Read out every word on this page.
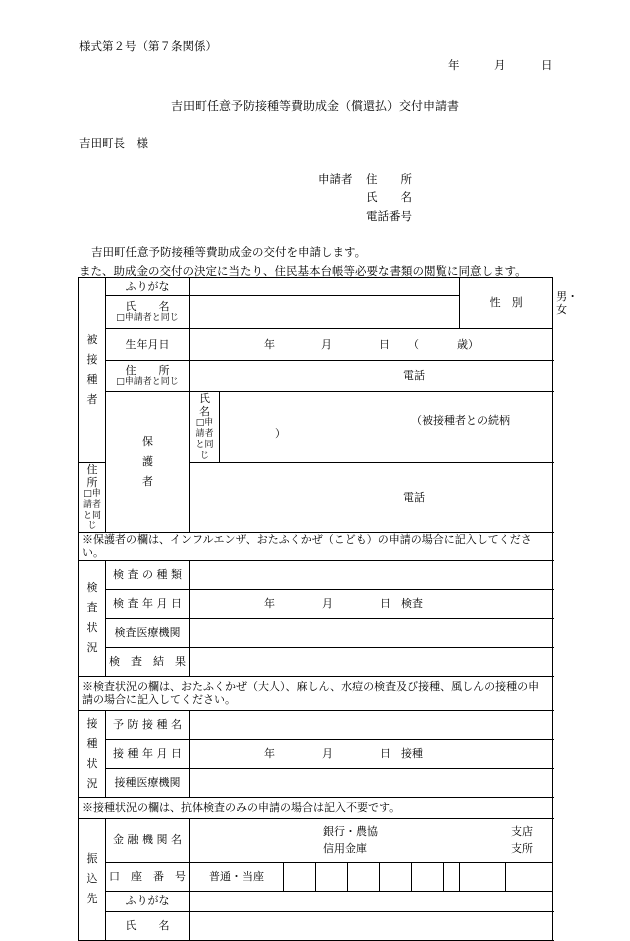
様式第２号（第７条関係）
年	月	日
吉田町任意予防接種等費助成金（償還払）交付申請書
吉田町長　様
申請者 住　　所
氏　　名
電話番号
吉田町任意予防接種等費助成金の交付を申請します。
また、助成金の交付の決定に当たり、住民基本台帳等必要な書類の閲覧に同意します。
被接種者	ふりがな									性　別		男・女

	氏　　名
□申請者と同じ											

	生年月日	年 月 日 （ 歳）										

	住　　所
□申請者と同じ	電話										

	保護者	氏　　名
□申請者と同じ	（被接種者との続柄）									

住　　所
□申請者と同じ		電話										
※保護者の欄は、インフルエンザ、おたふくかぜ（こども）の申請の場合に記入してください。												

検査状況	検 査 の 種 類											
	検 査 年 月 日	年 月 日 検査										
	検査医療機関											
	検　査　結　果											
※検査状況の欄は、おたふくかぜ（大人）、麻しん、水痘の検査及び接種、風しんの接種の申請の場合に記入してください。												

接種状況	予 防 接 種 名											
	接 種 年 月 日	年 月 日 接種										
	接種医療機関											
※接種状況の欄は、抗体検査のみの申請の場合は記入不要です。												

振込先	金 融 機 関 名	銀行・農協
信用金庫
支店
支所										

	口　座　番　号	普通・当座										
	ふりがな											
	氏　　名											
